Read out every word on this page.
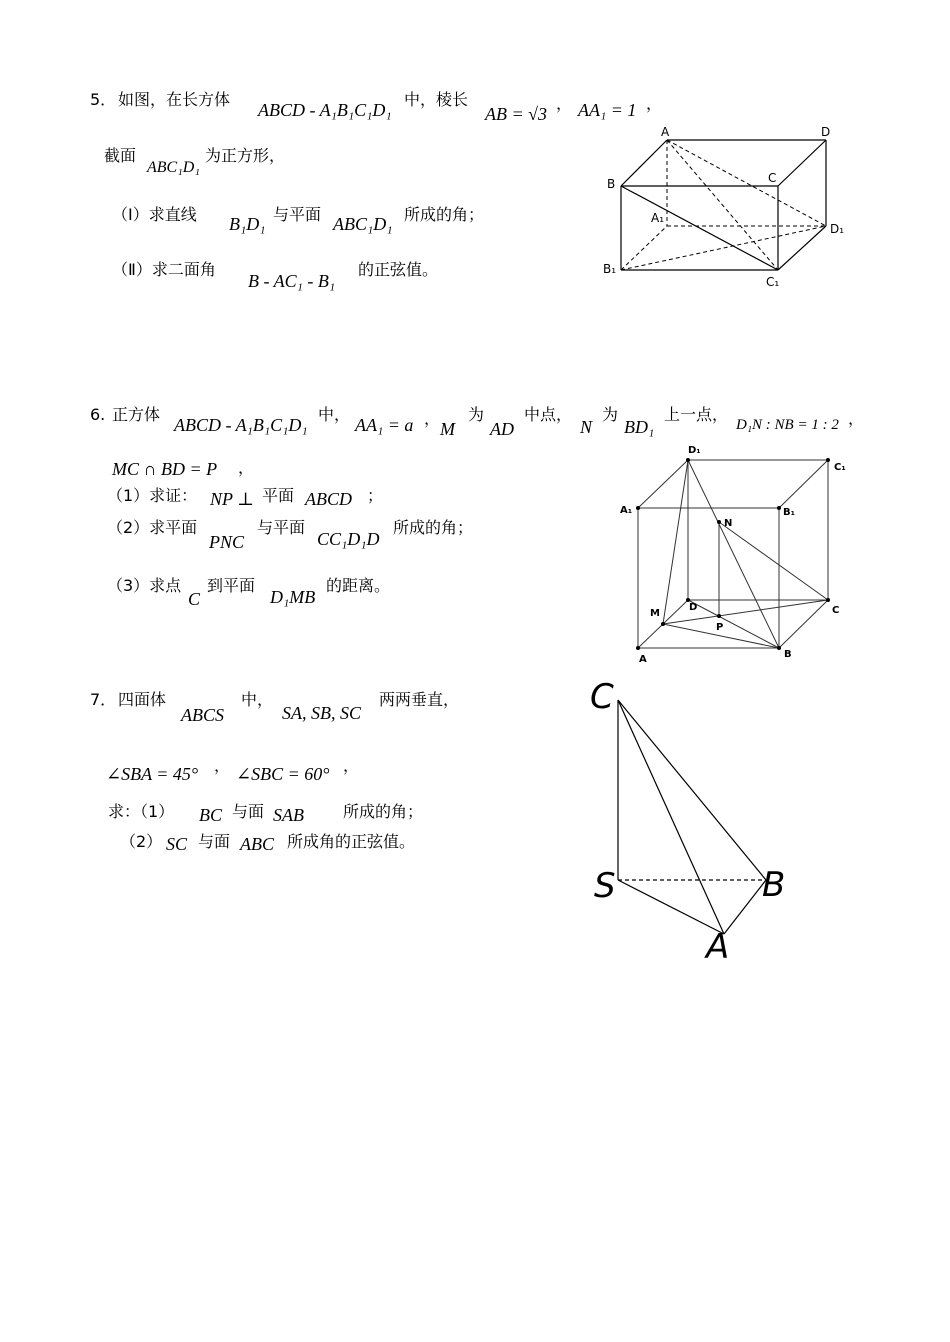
5． 如图，在长方体
ABCD - A₁B₁C₁D₁
中，棱长
AB = √3
， AA₁ = 1 ，
截面
ABC₁D₁
为正方形，
（Ⅰ）求直线 B₁D₁ 与平面 ABC₁D₁ 所成的角；
（Ⅱ）求二面角
B - AC₁ - B₁
的正弦值。
A	D
B	C
A₁
D₁
B₁
C₁
6. 正方体
ABCD - A₁B₁C₁D₁
中，
AA₁ = a ，
M
为
AD
中点，
N
为
BD₁
上一点，
D₁N : NB = 1 : 2 ，
MC ∩ BD = P ，
（1）求证： NP ⊥ 平面 ABCD ；
（2）求平面
PNC
与平面
CC₁D₁D
所成的角；
（3）求点
C
到平面
D₁MB
的距离。
A	B
C
D
A₁	B₁
C₁
D₁
M
N
P
7． 四面体
ABCS
中，
SA, SB, SC
两两垂直，
∠SBA = 45° ， ∠SBC = 60° ，
求：（1） BC 与面 SAB 所成的角；
（2） SC 与面 ABC 所成角的正弦值。
C
S	B
A
